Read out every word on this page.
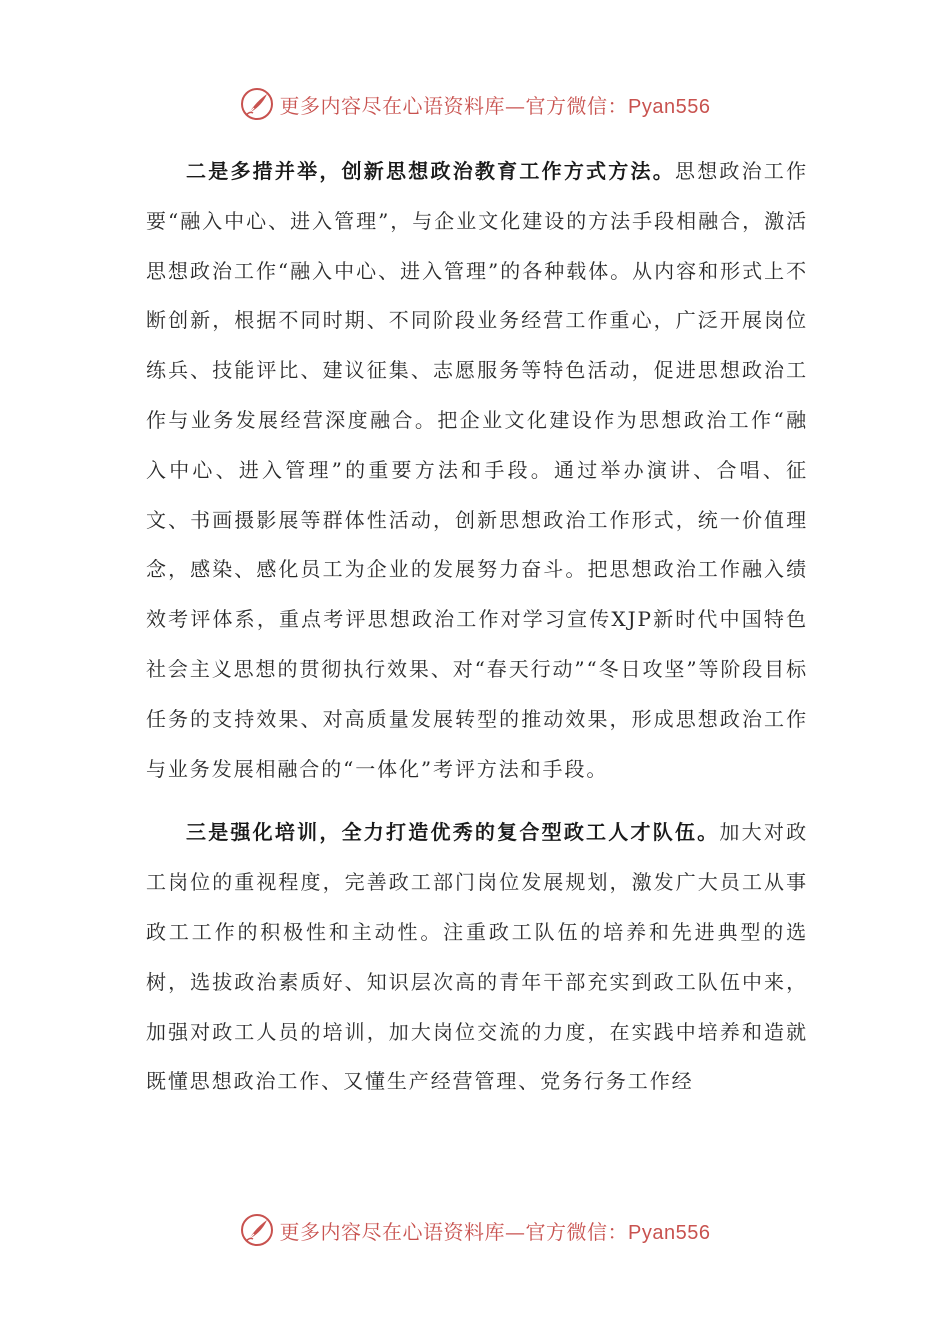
更多内容尽在心语资料库—官方微信：Pyan556

二是多措并举，创新思想政治教育工作方式方法。思想政治工作要“融入中心、进入管理”，与企业文化建设的方法手段相融合，激活思想政治工作“融入中心、进入管理”的各种载体。从内容和形式上不断创新，根据不同时期、不同阶段业务经营工作重心，广泛开展岗位练兵、技能评比、建议征集、志愿服务等特色活动，促进思想政治工作与业务发展经营深度融合。把企业文化建设作为思想政治工作“融入中心、进入管理”的重要方法和手段。通过举办演讲、合唱、征文、书画摄影展等群体性活动，创新思想政治工作形式，统一价值理念，感染、感化员工为企业的发展努力奋斗。把思想政治工作融入绩效考评体系，重点考评思想政治工作对学习宣传XJP新时代中国特色社会主义思想的贯彻执行效果、对“春天行动”“冬日攻坚”等阶段目标任务的支持效果、对高质量发展转型的推动效果，形成思想政治工作与业务发展相融合的“一体化”考评方法和手段。

三是强化培训，全力打造优秀的复合型政工人才队伍。加大对政工岗位的重视程度，完善政工部门岗位发展规划，激发广大员工从事政工工作的积极性和主动性。注重政工队伍的培养和先进典型的选树，选拔政治素质好、知识层次高的青年干部充实到政工队伍中来，加强对政工人员的培训，加大岗位交流的力度，在实践中培养和造就既懂思想政治工作、又懂生产经营管理、党务行务工作经

更多内容尽在心语资料库—官方微信：Pyan556
